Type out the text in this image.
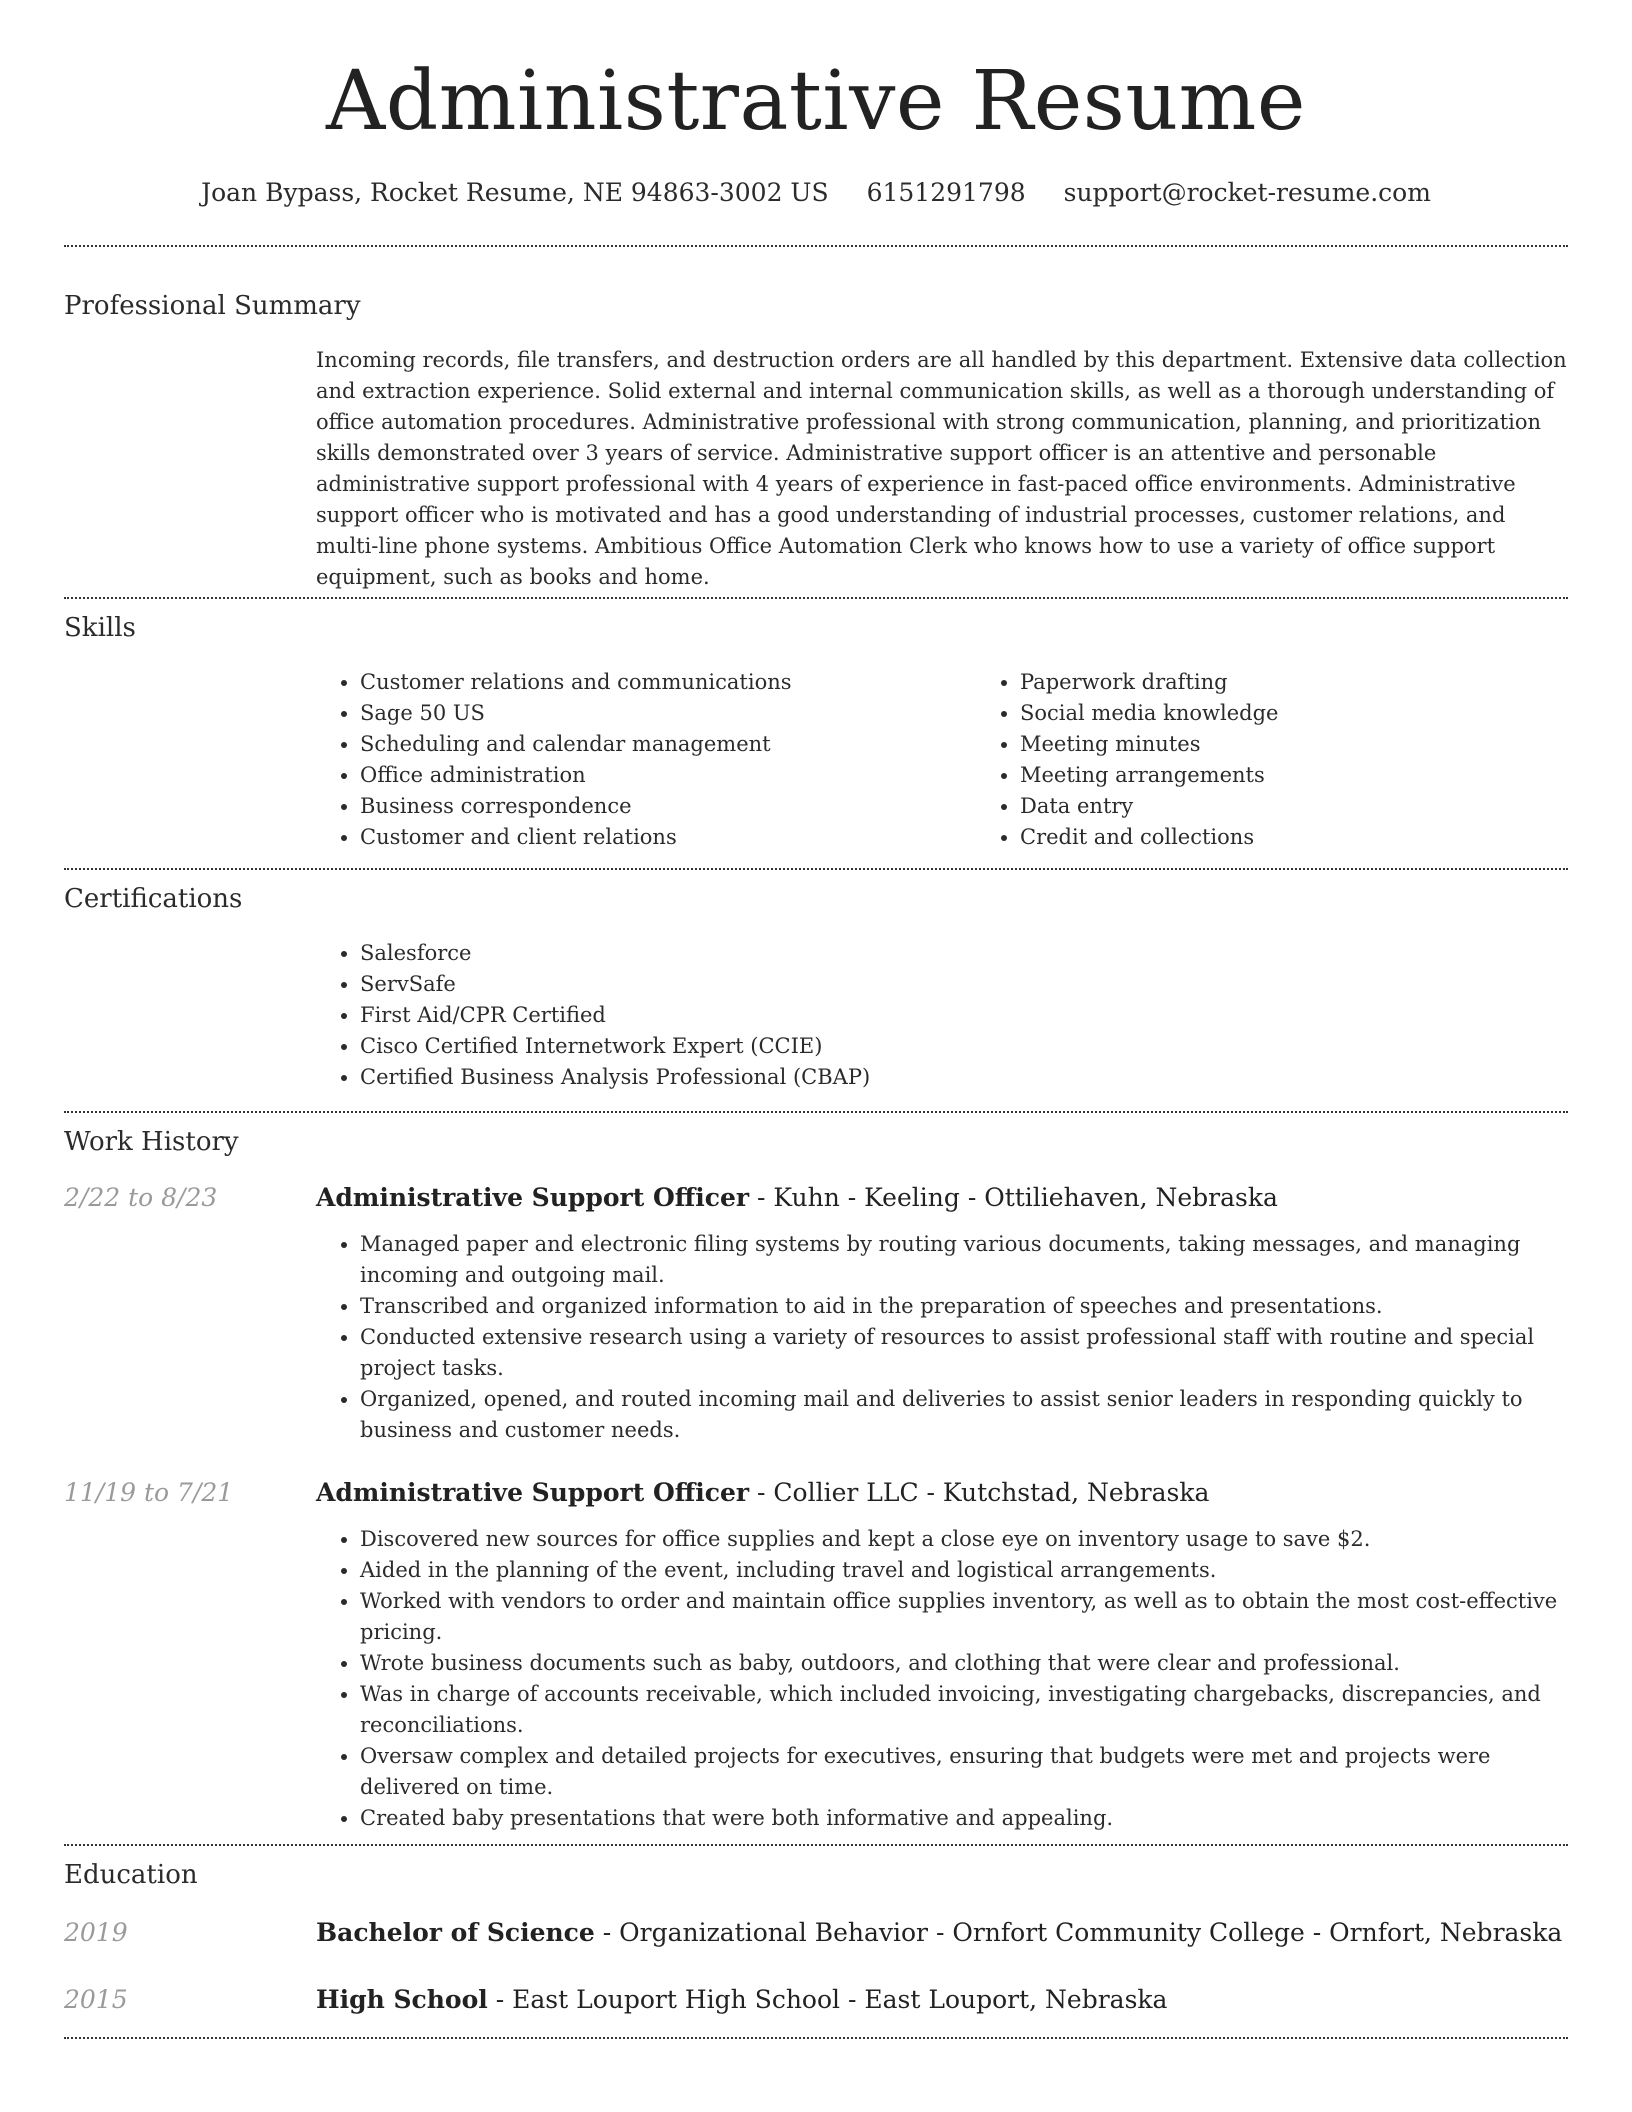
Administrative Resume
Joan Bypass, Rocket Resume, NE 94863-3002 US 6151291798 support@rocket-resume.com
Professional Summary

Incoming records, file transfers, and destruction orders are all handled by this department. Extensive data collection and extraction experience. Solid external and internal communication skills, as well as a thorough understanding of office automation procedures. Administrative professional with strong communication, planning, and prioritization skills demonstrated over 3 years of service. Administrative support officer is an attentive and personable administrative support professional with 4 years of experience in fast-paced office environments. Administrative support officer who is motivated and has a good understanding of industrial processes, customer relations, and multi-line phone systems. Ambitious Office Automation Clerk who knows how to use a variety of office support equipment, such as books and home.

Skills
• Customer relations and communications
• Sage 50 US
• Scheduling and calendar management
• Office administration
• Business correspondence
• Customer and client relations
• Paperwork drafting
• Social media knowledge
• Meeting minutes
• Meeting arrangements
• Data entry
• Credit and collections
Certifications
• Salesforce
• ServSafe
• First Aid/CPR Certified
• Cisco Certified Internetwork Expert (CCIE)
• Certified Business Analysis Professional (CBAP)
Work History
2/22 to 8/23	Administrative Support Officer - Kuhn - Keeling - Ottiliehaven, Nebraska
• Managed paper and electronic filing systems by routing various documents, taking messages, and managing incoming and outgoing mail.
• Transcribed and organized information to aid in the preparation of speeches and presentations.
• Conducted extensive research using a variety of resources to assist professional staff with routine and special project tasks.
• Organized, opened, and routed incoming mail and deliveries to assist senior leaders in responding quickly to business and customer needs.
11/19 to 7/21	Administrative Support Officer - Collier LLC - Kutchstad, Nebraska
• Discovered new sources for office supplies and kept a close eye on inventory usage to save $2.
• Aided in the planning of the event, including travel and logistical arrangements.
• Worked with vendors to order and maintain office supplies inventory, as well as to obtain the most cost-effective pricing.
• Wrote business documents such as baby, outdoors, and clothing that were clear and professional.
• Was in charge of accounts receivable, which included invoicing, investigating chargebacks, discrepancies, and reconciliations.
• Oversaw complex and detailed projects for executives, ensuring that budgets were met and projects were delivered on time.
• Created baby presentations that were both informative and appealing.
Education
2019	Bachelor of Science - Organizational Behavior - Ornfort Community College - Ornfort, Nebraska
2015	High School - East Louport High School - East Louport, Nebraska
